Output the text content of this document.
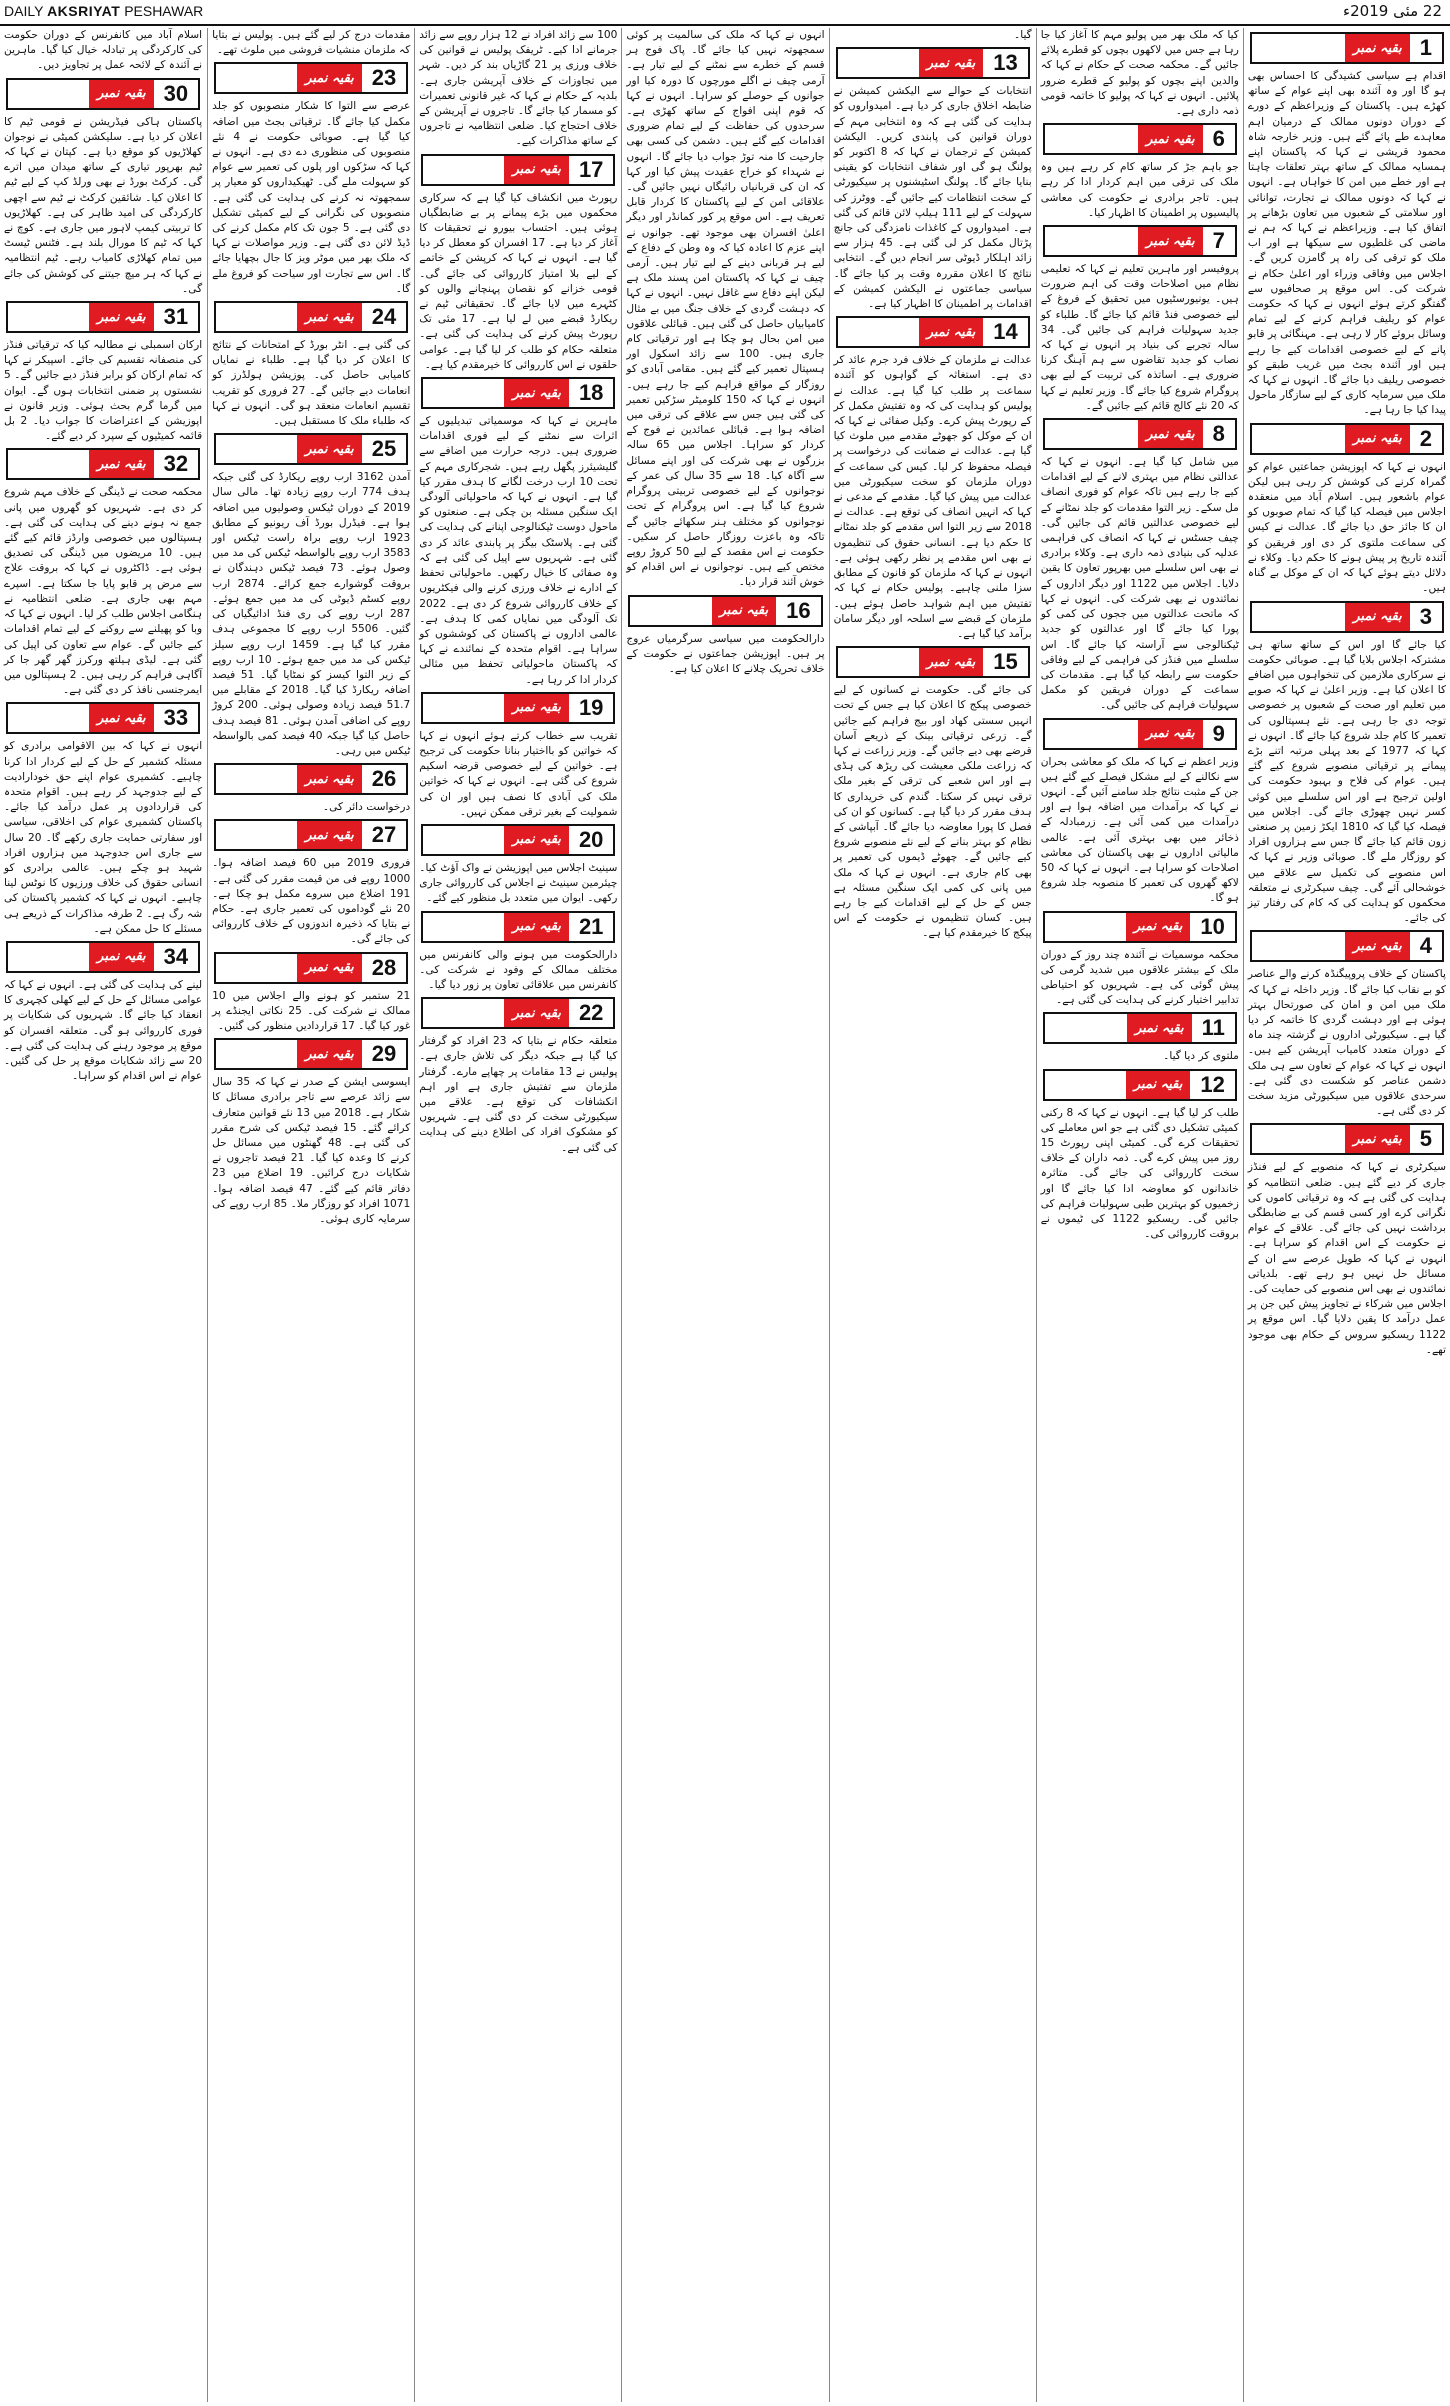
DAILY AKSRIYAT PESHAWAR	22 مئی 2019ء
1
بقیہ نمبر

اقدام ہے سیاسی کشیدگی کا احساس بھی ہو گا اور وہ آئندہ بھی اپنے عوام کے ساتھ کھڑے ہیں۔ پاکستان کے وزیراعظم کے دورے کے دوران دونوں ممالک کے درمیان اہم معاہدے طے پائے گئے ہیں۔ وزیر خارجہ شاہ محمود قریشی نے کہا کہ پاکستان اپنے ہمسایہ ممالک کے ساتھ بہتر تعلقات چاہتا ہے اور خطے میں امن کا خواہاں ہے۔ انہوں نے کہا کہ دونوں ممالک نے تجارت، توانائی اور سلامتی کے شعبوں میں تعاون بڑھانے پر اتفاق کیا ہے۔ وزیراعظم نے کہا کہ ہم نے ماضی کی غلطیوں سے سیکھا ہے اور اب ملک کو ترقی کی راہ پر گامزن کریں گے۔ اجلاس میں وفاقی وزراء اور اعلیٰ حکام نے شرکت کی۔ اس موقع پر صحافیوں سے گفتگو کرتے ہوئے انہوں نے کہا کہ حکومت عوام کو ریلیف فراہم کرنے کے لیے تمام وسائل بروئے کار لا رہی ہے۔ مہنگائی پر قابو پانے کے لیے خصوصی اقدامات کیے جا رہے ہیں اور آئندہ بجٹ میں غریب طبقے کو خصوصی ریلیف دیا جائے گا۔ انہوں نے کہا کہ ملک میں سرمایہ کاری کے لیے سازگار ماحول پیدا کیا جا رہا ہے۔

2
بقیہ نمبر

انہوں نے کہا کہ اپوزیشن جماعتیں عوام کو گمراہ کرنے کی کوشش کر رہی ہیں لیکن عوام باشعور ہیں۔ اسلام آباد میں منعقدہ اجلاس میں فیصلہ کیا گیا کہ تمام صوبوں کو ان کا جائز حق دیا جائے گا۔ عدالت نے کیس کی سماعت ملتوی کر دی اور فریقین کو آئندہ تاریخ پر پیش ہونے کا حکم دیا۔ وکلاء نے دلائل دیتے ہوئے کہا کہ ان کے موکل بے گناہ ہیں۔

3
بقیہ نمبر

کیا جائے گا اور اس کے ساتھ ساتھ ہی مشترکہ اجلاس بلایا گیا ہے۔ صوبائی حکومت نے سرکاری ملازمین کی تنخواہوں میں اضافے کا اعلان کیا ہے۔ وزیر اعلیٰ نے کہا کہ صوبے میں تعلیم اور صحت کے شعبوں پر خصوصی توجہ دی جا رہی ہے۔ نئے ہسپتالوں کی تعمیر کا کام جلد شروع کیا جائے گا۔ انہوں نے کہا کہ 1977 کے بعد پہلی مرتبہ اتنے بڑے پیمانے پر ترقیاتی منصوبے شروع کیے گئے ہیں۔ عوام کی فلاح و بہبود حکومت کی اولین ترجیح ہے اور اس سلسلے میں کوئی کسر نہیں چھوڑی جائے گی۔ اجلاس میں فیصلہ کیا گیا کہ 1810 ایکڑ زمین پر صنعتی زون قائم کیا جائے گا جس سے ہزاروں افراد کو روزگار ملے گا۔ صوبائی وزیر نے کہا کہ اس منصوبے کی تکمیل سے علاقے میں خوشحالی آئے گی۔ چیف سیکرٹری نے متعلقہ محکموں کو ہدایت کی کہ کام کی رفتار تیز کی جائے۔

4
بقیہ نمبر

پاکستان کے خلاف پروپیگنڈہ کرنے والے عناصر کو بے نقاب کیا جائے گا۔ وزیر داخلہ نے کہا کہ ملک میں امن و امان کی صورتحال بہتر ہوئی ہے اور دہشت گردی کا خاتمہ کر دیا گیا ہے۔ سیکیورٹی اداروں نے گزشتہ چند ماہ کے دوران متعدد کامیاب آپریشن کیے ہیں۔ انہوں نے کہا کہ عوام کے تعاون سے ہی ملک دشمن عناصر کو شکست دی گئی ہے۔ سرحدی علاقوں میں سیکیورٹی مزید سخت کر دی گئی ہے۔

5
بقیہ نمبر

سیکرٹری نے کہا کہ منصوبے کے لیے فنڈز جاری کر دیے گئے ہیں۔ ضلعی انتظامیہ کو ہدایت کی گئی ہے کہ وہ ترقیاتی کاموں کی نگرانی کرے اور کسی قسم کی بے ضابطگی برداشت نہیں کی جائے گی۔ علاقے کے عوام نے حکومت کے اس اقدام کو سراہا ہے۔ انہوں نے کہا کہ طویل عرصے سے ان کے مسائل حل نہیں ہو رہے تھے۔ بلدیاتی نمائندوں نے بھی اس منصوبے کی حمایت کی۔ اجلاس میں شرکاء نے تجاویز پیش کیں جن پر عمل درآمد کا یقین دلایا گیا۔ اس موقع پر 1122 ریسکیو سروس کے حکام بھی موجود تھے۔

کیا کہ ملک بھر میں پولیو مہم کا آغاز کیا جا رہا ہے جس میں لاکھوں بچوں کو قطرے پلائے جائیں گے۔ محکمہ صحت کے حکام نے کہا کہ والدین اپنے بچوں کو پولیو کے قطرے ضرور پلائیں۔ انہوں نے کہا کہ پولیو کا خاتمہ قومی ذمہ داری ہے۔

6
بقیہ نمبر

جو باہم جڑ کر ساتھ کام کر رہے ہیں وہ ملک کی ترقی میں اہم کردار ادا کر رہے ہیں۔ تاجر برادری نے حکومت کی معاشی پالیسیوں پر اطمینان کا اظہار کیا۔

7
بقیہ نمبر

پروفیسر اور ماہرین تعلیم نے کہا کہ تعلیمی نظام میں اصلاحات وقت کی اہم ضرورت ہیں۔ یونیورسٹیوں میں تحقیق کے فروغ کے لیے خصوصی فنڈ قائم کیا جائے گا۔ طلباء کو جدید سہولیات فراہم کی جائیں گی۔ 34 سالہ تجربے کی بنیاد پر انہوں نے کہا کہ نصاب کو جدید تقاضوں سے ہم آہنگ کرنا ضروری ہے۔ اساتذہ کی تربیت کے لیے بھی پروگرام شروع کیا جائے گا۔ وزیر تعلیم نے کہا کہ 20 نئے کالج قائم کیے جائیں گے۔

8
بقیہ نمبر

میں شامل کیا گیا ہے۔ انہوں نے کہا کہ عدالتی نظام میں بہتری لانے کے لیے اقدامات کیے جا رہے ہیں تاکہ عوام کو فوری انصاف مل سکے۔ زیر التوا مقدمات کو جلد نمٹانے کے لیے خصوصی عدالتیں قائم کی جائیں گی۔ چیف جسٹس نے کہا کہ انصاف کی فراہمی عدلیہ کی بنیادی ذمہ داری ہے۔ وکلاء برادری نے بھی اس سلسلے میں بھرپور تعاون کا یقین دلایا۔ اجلاس میں 1122 اور دیگر اداروں کے نمائندوں نے بھی شرکت کی۔ انہوں نے کہا کہ ماتحت عدالتوں میں ججوں کی کمی کو پورا کیا جائے گا اور عدالتوں کو جدید ٹیکنالوجی سے آراستہ کیا جائے گا۔ اس سلسلے میں فنڈز کی فراہمی کے لیے وفاقی حکومت سے رابطہ کیا گیا ہے۔ مقدمات کی سماعت کے دوران فریقین کو مکمل سہولیات فراہم کی جائیں گی۔

9
بقیہ نمبر

وزیر اعظم نے کہا کہ ملک کو معاشی بحران سے نکالنے کے لیے مشکل فیصلے کیے گئے ہیں جن کے مثبت نتائج جلد سامنے آئیں گے۔ انہوں نے کہا کہ برآمدات میں اضافہ ہوا ہے اور درآمدات میں کمی آئی ہے۔ زرمبادلہ کے ذخائر میں بھی بہتری آئی ہے۔ عالمی مالیاتی اداروں نے بھی پاکستان کی معاشی اصلاحات کو سراہا ہے۔ انہوں نے کہا کہ 50 لاکھ گھروں کی تعمیر کا منصوبہ جلد شروع ہو گا۔

10
بقیہ نمبر

محکمہ موسمیات نے آئندہ چند روز کے دوران ملک کے بیشتر علاقوں میں شدید گرمی کی پیش گوئی کی ہے۔ شہریوں کو احتیاطی تدابیر اختیار کرنے کی ہدایت کی گئی ہے۔

11
بقیہ نمبر

ملتوی کر دیا گیا۔

12
بقیہ نمبر

طلب کر لیا گیا ہے۔ انہوں نے کہا کہ 8 رکنی کمیٹی تشکیل دی گئی ہے جو اس معاملے کی تحقیقات کرے گی۔ کمیٹی اپنی رپورٹ 15 روز میں پیش کرے گی۔ ذمہ داران کے خلاف سخت کارروائی کی جائے گی۔ متاثرہ خاندانوں کو معاوضہ ادا کیا جائے گا اور زخمیوں کو بہترین طبی سہولیات فراہم کی جائیں گی۔ ریسکیو 1122 کی ٹیموں نے بروقت کارروائی کی۔

گیا۔

13
بقیہ نمبر

انتخابات کے حوالے سے الیکشن کمیشن نے ضابطہ اخلاق جاری کر دیا ہے۔ امیدواروں کو ہدایت کی گئی ہے کہ وہ انتخابی مہم کے دوران قوانین کی پابندی کریں۔ الیکشن کمیشن کے ترجمان نے کہا کہ 8 اکتوبر کو پولنگ ہو گی اور شفاف انتخابات کو یقینی بنایا جائے گا۔ پولنگ اسٹیشنوں پر سیکیورٹی کے سخت انتظامات کیے جائیں گے۔ ووٹرز کی سہولت کے لیے 111 ہیلپ لائن قائم کی گئی ہے۔ امیدواروں کے کاغذات نامزدگی کی جانچ پڑتال مکمل کر لی گئی ہے۔ 45 ہزار سے زائد اہلکار ڈیوٹی سر انجام دیں گے۔ انتخابی نتائج کا اعلان مقررہ وقت پر کیا جائے گا۔ سیاسی جماعتوں نے الیکشن کمیشن کے اقدامات پر اطمینان کا اظہار کیا ہے۔

14
بقیہ نمبر

عدالت نے ملزمان کے خلاف فرد جرم عائد کر دی ہے۔ استغاثہ کے گواہوں کو آئندہ سماعت پر طلب کیا گیا ہے۔ عدالت نے پولیس کو ہدایت کی کہ وہ تفتیش مکمل کر کے رپورٹ پیش کرے۔ وکیل صفائی نے کہا کہ ان کے موکل کو جھوٹے مقدمے میں ملوث کیا گیا ہے۔ عدالت نے ضمانت کی درخواست پر فیصلہ محفوظ کر لیا۔ کیس کی سماعت کے دوران ملزمان کو سخت سیکیورٹی میں عدالت میں پیش کیا گیا۔ مقدمے کے مدعی نے کہا کہ انہیں انصاف کی توقع ہے۔ عدالت نے 2018 سے زیر التوا اس مقدمے کو جلد نمٹانے کا حکم دیا ہے۔ انسانی حقوق کی تنظیموں نے بھی اس مقدمے پر نظر رکھی ہوئی ہے۔ انہوں نے کہا کہ ملزمان کو قانون کے مطابق سزا ملنی چاہیے۔ پولیس حکام نے کہا کہ تفتیش میں اہم شواہد حاصل ہوئے ہیں۔ ملزمان کے قبضے سے اسلحہ اور دیگر سامان برآمد کیا گیا ہے۔

15
بقیہ نمبر

کی جائے گی۔ حکومت نے کسانوں کے لیے خصوصی پیکج کا اعلان کیا ہے جس کے تحت انہیں سستی کھاد اور بیج فراہم کیے جائیں گے۔ زرعی ترقیاتی بینک کے ذریعے آسان قرضے بھی دیے جائیں گے۔ وزیر زراعت نے کہا کہ زراعت ملکی معیشت کی ریڑھ کی ہڈی ہے اور اس شعبے کی ترقی کے بغیر ملک ترقی نہیں کر سکتا۔ گندم کی خریداری کا ہدف مقرر کر دیا گیا ہے۔ کسانوں کو ان کی فصل کا پورا معاوضہ دیا جائے گا۔ آبپاشی کے نظام کو بہتر بنانے کے لیے نئے منصوبے شروع کیے جائیں گے۔ چھوٹے ڈیموں کی تعمیر پر بھی کام جاری ہے۔ انہوں نے کہا کہ ملک میں پانی کی کمی ایک سنگین مسئلہ ہے جس کے حل کے لیے اقدامات کیے جا رہے ہیں۔ کسان تنظیموں نے حکومت کے اس پیکج کا خیرمقدم کیا ہے۔

انہوں نے کہا کہ ملک کی سالمیت پر کوئی سمجھوتہ نہیں کیا جائے گا۔ پاک فوج ہر قسم کے خطرے سے نمٹنے کے لیے تیار ہے۔ آرمی چیف نے اگلے مورچوں کا دورہ کیا اور جوانوں کے حوصلے کو سراہا۔ انہوں نے کہا کہ قوم اپنی افواج کے ساتھ کھڑی ہے۔ سرحدوں کی حفاظت کے لیے تمام ضروری اقدامات کیے گئے ہیں۔ دشمن کی کسی بھی جارحیت کا منہ توڑ جواب دیا جائے گا۔ انہوں نے شہداء کو خراج عقیدت پیش کیا اور کہا کہ ان کی قربانیاں رائیگاں نہیں جائیں گی۔ علاقائی امن کے لیے پاکستان کا کردار قابل تعریف ہے۔ اس موقع پر کور کمانڈر اور دیگر اعلیٰ افسران بھی موجود تھے۔ جوانوں نے اپنے عزم کا اعادہ کیا کہ وہ وطن کے دفاع کے لیے ہر قربانی دینے کے لیے تیار ہیں۔ آرمی چیف نے کہا کہ پاکستان امن پسند ملک ہے لیکن اپنے دفاع سے غافل نہیں۔ انہوں نے کہا کہ دہشت گردی کے خلاف جنگ میں بے مثال کامیابیاں حاصل کی گئی ہیں۔ قبائلی علاقوں میں امن بحال ہو چکا ہے اور ترقیاتی کام جاری ہیں۔ 100 سے زائد اسکول اور ہسپتال تعمیر کیے گئے ہیں۔ مقامی آبادی کو روزگار کے مواقع فراہم کیے جا رہے ہیں۔ انہوں نے کہا کہ 150 کلومیٹر سڑکیں تعمیر کی گئی ہیں جس سے علاقے کی ترقی میں اضافہ ہوا ہے۔ قبائلی عمائدین نے فوج کے کردار کو سراہا۔ اجلاس میں 65 سالہ بزرگوں نے بھی شرکت کی اور اپنے مسائل سے آگاہ کیا۔ 18 سے 35 سال کی عمر کے نوجوانوں کے لیے خصوصی تربیتی پروگرام شروع کیا گیا ہے۔ اس پروگرام کے تحت نوجوانوں کو مختلف ہنر سکھائے جائیں گے تاکہ وہ باعزت روزگار حاصل کر سکیں۔ حکومت نے اس مقصد کے لیے 50 کروڑ روپے مختص کیے ہیں۔ نوجوانوں نے اس اقدام کو خوش آئند قرار دیا۔

16
بقیہ نمبر

دارالحکومت میں سیاسی سرگرمیاں عروج پر ہیں۔ اپوزیشن جماعتوں نے حکومت کے خلاف تحریک چلانے کا اعلان کیا ہے۔

100 سے زائد افراد نے 12 ہزار روپے سے زائد جرمانے ادا کیے۔ ٹریفک پولیس نے قوانین کی خلاف ورزی پر 21 گاڑیاں بند کر دیں۔ شہر میں تجاوزات کے خلاف آپریشن جاری ہے۔ بلدیہ کے حکام نے کہا کہ غیر قانونی تعمیرات کو مسمار کیا جائے گا۔ تاجروں نے آپریشن کے خلاف احتجاج کیا۔ ضلعی انتظامیہ نے تاجروں کے ساتھ مذاکرات کیے۔

17
بقیہ نمبر

رپورٹ میں انکشاف کیا گیا ہے کہ سرکاری محکموں میں بڑے پیمانے پر بے ضابطگیاں ہوئی ہیں۔ احتساب بیورو نے تحقیقات کا آغاز کر دیا ہے۔ 17 افسران کو معطل کر دیا گیا ہے۔ انہوں نے کہا کہ کرپشن کے خاتمے کے لیے بلا امتیاز کارروائی کی جائے گی۔ قومی خزانے کو نقصان پہنچانے والوں کو کٹہرے میں لایا جائے گا۔ تحقیقاتی ٹیم نے ریکارڈ قبضے میں لے لیا ہے۔ 17 مئی تک رپورٹ پیش کرنے کی ہدایت کی گئی ہے۔ متعلقہ حکام کو طلب کر لیا گیا ہے۔ عوامی حلقوں نے اس کارروائی کا خیرمقدم کیا ہے۔

18
بقیہ نمبر

ماہرین نے کہا کہ موسمیاتی تبدیلیوں کے اثرات سے نمٹنے کے لیے فوری اقدامات ضروری ہیں۔ درجہ حرارت میں اضافے سے گلیشیئرز پگھل رہے ہیں۔ شجرکاری مہم کے تحت 10 ارب درخت لگانے کا ہدف مقرر کیا گیا ہے۔ انہوں نے کہا کہ ماحولیاتی آلودگی ایک سنگین مسئلہ بن چکی ہے۔ صنعتوں کو ماحول دوست ٹیکنالوجی اپنانے کی ہدایت کی گئی ہے۔ پلاسٹک بیگز پر پابندی عائد کر دی گئی ہے۔ شہریوں سے اپیل کی گئی ہے کہ وہ صفائی کا خیال رکھیں۔ ماحولیاتی تحفظ کے ادارے نے خلاف ورزی کرنے والی فیکٹریوں کے خلاف کارروائی شروع کر دی ہے۔ 2022 تک آلودگی میں نمایاں کمی کا ہدف ہے۔ عالمی اداروں نے پاکستان کی کوششوں کو سراہا ہے۔ اقوام متحدہ کے نمائندے نے کہا کہ پاکستان ماحولیاتی تحفظ میں مثالی کردار ادا کر رہا ہے۔

19
بقیہ نمبر

تقریب سے خطاب کرتے ہوئے انہوں نے کہا کہ خواتین کو بااختیار بنانا حکومت کی ترجیح ہے۔ خواتین کے لیے خصوصی قرضہ اسکیم شروع کی گئی ہے۔ انہوں نے کہا کہ خواتین ملک کی آبادی کا نصف ہیں اور ان کی شمولیت کے بغیر ترقی ممکن نہیں۔

20
بقیہ نمبر

سینیٹ اجلاس میں اپوزیشن نے واک آؤٹ کیا۔ چیئرمین سینیٹ نے اجلاس کی کارروائی جاری رکھی۔ ایوان میں متعدد بل منظور کیے گئے۔

21
بقیہ نمبر

دارالحکومت میں ہونے والی کانفرنس میں مختلف ممالک کے وفود نے شرکت کی۔ کانفرنس میں علاقائی تعاون پر زور دیا گیا۔

22
بقیہ نمبر

متعلقہ حکام نے بتایا کہ 23 افراد کو گرفتار کیا گیا ہے جبکہ دیگر کی تلاش جاری ہے۔ پولیس نے 13 مقامات پر چھاپے مارے۔ گرفتار ملزمان سے تفتیش جاری ہے اور اہم انکشافات کی توقع ہے۔ علاقے میں سیکیورٹی سخت کر دی گئی ہے۔ شہریوں کو مشکوک افراد کی اطلاع دینے کی ہدایت کی گئی ہے۔

مقدمات درج کر لیے گئے ہیں۔ پولیس نے بتایا کہ ملزمان منشیات فروشی میں ملوث تھے۔

23
بقیہ نمبر

عرصے سے التوا کا شکار منصوبوں کو جلد مکمل کیا جائے گا۔ ترقیاتی بجٹ میں اضافہ کیا گیا ہے۔ صوبائی حکومت نے 4 نئے منصوبوں کی منظوری دے دی ہے۔ انہوں نے کہا کہ سڑکوں اور پلوں کی تعمیر سے عوام کو سہولت ملے گی۔ ٹھیکیداروں کو معیار پر سمجھوتہ نہ کرنے کی ہدایت کی گئی ہے۔ منصوبوں کی نگرانی کے لیے کمیٹی تشکیل دی گئی ہے۔ 5 جون تک کام مکمل کرنے کی ڈیڈ لائن دی گئی ہے۔ وزیر مواصلات نے کہا کہ ملک بھر میں موٹر ویز کا جال بچھایا جائے گا۔ اس سے تجارت اور سیاحت کو فروغ ملے گا۔

24
بقیہ نمبر

کی گئی ہے۔ انٹر بورڈ کے امتحانات کے نتائج کا اعلان کر دیا گیا ہے۔ طلباء نے نمایاں کامیابی حاصل کی۔ پوزیشن ہولڈرز کو انعامات دیے جائیں گے۔ 27 فروری کو تقریب تقسیم انعامات منعقد ہو گی۔ انہوں نے کہا کہ طلباء ملک کا مستقبل ہیں۔

25
بقیہ نمبر

آمدن 3162 ارب روپے ریکارڈ کی گئی جبکہ ہدف 774 ارب روپے زیادہ تھا۔ مالی سال 2019 کے دوران ٹیکس وصولیوں میں اضافہ ہوا ہے۔ فیڈرل بورڈ آف ریونیو کے مطابق 1923 ارب روپے براہ راست ٹیکس اور 3583 ارب روپے بالواسطہ ٹیکس کی مد میں وصول ہوئے۔ 73 فیصد ٹیکس دہندگان نے بروقت گوشوارے جمع کرائے۔ 2874 ارب روپے کسٹم ڈیوٹی کی مد میں جمع ہوئے۔ 287 ارب روپے کی ری فنڈ ادائیگیاں کی گئیں۔ 5506 ارب روپے کا مجموعی ہدف مقرر کیا گیا ہے۔ 1459 ارب روپے سیلز ٹیکس کی مد میں جمع ہوئے۔ 10 ارب روپے کے زیر التوا کیسز کو نمٹایا گیا۔ 51 فیصد اضافہ ریکارڈ کیا گیا۔ 2018 کے مقابلے میں 51.7 فیصد زیادہ وصولی ہوئی۔ 200 کروڑ روپے کی اضافی آمدن ہوئی۔ 81 فیصد ہدف حاصل کیا گیا جبکہ 40 فیصد کمی بالواسطہ ٹیکس میں رہی۔

26
بقیہ نمبر

درخواست دائر کی۔

27
بقیہ نمبر

فروری 2019 میں 60 فیصد اضافہ ہوا۔ 1000 روپے فی من قیمت مقرر کی گئی ہے۔ 191 اضلاع میں سروے مکمل ہو چکا ہے۔ 20 نئے گوداموں کی تعمیر جاری ہے۔ حکام نے بتایا کہ ذخیرہ اندوزوں کے خلاف کارروائی کی جائے گی۔

28
بقیہ نمبر

21 ستمبر کو ہونے والے اجلاس میں 10 ممالک نے شرکت کی۔ 25 نکاتی ایجنڈے پر غور کیا گیا۔ 17 قراردادیں منظور کی گئیں۔

29
بقیہ نمبر

ایسوسی ایشن کے صدر نے کہا کہ 35 سال سے زائد عرصے سے تاجر برادری مسائل کا شکار ہے۔ 2018 میں 13 نئے قوانین متعارف کرائے گئے۔ 15 فیصد ٹیکس کی شرح مقرر کی گئی ہے۔ 48 گھنٹوں میں مسائل حل کرنے کا وعدہ کیا گیا۔ 21 فیصد تاجروں نے شکایات درج کرائیں۔ 19 اضلاع میں 23 دفاتر قائم کیے گئے۔ 47 فیصد اضافہ ہوا۔ 1071 افراد کو روزگار ملا۔ 85 ارب روپے کی سرمایہ کاری ہوئی۔

اسلام آباد میں کانفرنس کے دوران حکومت کی کارکردگی پر تبادلہ خیال کیا گیا۔ ماہرین نے آئندہ کے لائحہ عمل پر تجاویز دیں۔

30
بقیہ نمبر

پاکستان ہاکی فیڈریشن نے قومی ٹیم کا اعلان کر دیا ہے۔ سلیکشن کمیٹی نے نوجوان کھلاڑیوں کو موقع دیا ہے۔ کپتان نے کہا کہ ٹیم بھرپور تیاری کے ساتھ میدان میں اترے گی۔ کرکٹ بورڈ نے بھی ورلڈ کپ کے لیے ٹیم کا اعلان کیا۔ شائقین کرکٹ نے ٹیم سے اچھی کارکردگی کی امید ظاہر کی ہے۔ کھلاڑیوں کا تربیتی کیمپ لاہور میں جاری ہے۔ کوچ نے کہا کہ ٹیم کا مورال بلند ہے۔ فٹنس ٹیسٹ میں تمام کھلاڑی کامیاب رہے۔ ٹیم انتظامیہ نے کہا کہ ہر میچ جیتنے کی کوشش کی جائے گی۔

31
بقیہ نمبر

ارکان اسمبلی نے مطالبہ کیا کہ ترقیاتی فنڈز کی منصفانہ تقسیم کی جائے۔ اسپیکر نے کہا کہ تمام ارکان کو برابر فنڈز دیے جائیں گے۔ 5 نشستوں پر ضمنی انتخابات ہوں گے۔ ایوان میں گرما گرم بحث ہوئی۔ وزیر قانون نے اپوزیشن کے اعتراضات کا جواب دیا۔ 2 بل قائمہ کمیٹیوں کے سپرد کر دیے گئے۔

32
بقیہ نمبر

محکمہ صحت نے ڈینگی کے خلاف مہم شروع کر دی ہے۔ شہریوں کو گھروں میں پانی جمع نہ ہونے دینے کی ہدایت کی گئی ہے۔ ہسپتالوں میں خصوصی وارڈز قائم کیے گئے ہیں۔ 10 مریضوں میں ڈینگی کی تصدیق ہوئی ہے۔ ڈاکٹروں نے کہا کہ بروقت علاج سے مرض پر قابو پایا جا سکتا ہے۔ اسپرے مہم بھی جاری ہے۔ ضلعی انتظامیہ نے ہنگامی اجلاس طلب کر لیا۔ انہوں نے کہا کہ وبا کو پھیلنے سے روکنے کے لیے تمام اقدامات کیے جائیں گے۔ عوام سے تعاون کی اپیل کی گئی ہے۔ لیڈی ہیلتھ ورکرز گھر گھر جا کر آگاہی فراہم کر رہی ہیں۔ 2 ہسپتالوں میں ایمرجنسی نافذ کر دی گئی ہے۔

33
بقیہ نمبر

انہوں نے کہا کہ بین الاقوامی برادری کو مسئلہ کشمیر کے حل کے لیے کردار ادا کرنا چاہیے۔ کشمیری عوام اپنے حق خودارادیت کے لیے جدوجہد کر رہے ہیں۔ اقوام متحدہ کی قراردادوں پر عمل درآمد کیا جائے۔ پاکستان کشمیری عوام کی اخلاقی، سیاسی اور سفارتی حمایت جاری رکھے گا۔ 20 سال سے جاری اس جدوجہد میں ہزاروں افراد شہید ہو چکے ہیں۔ عالمی برادری کو انسانی حقوق کی خلاف ورزیوں کا نوٹس لینا چاہیے۔ انہوں نے کہا کہ کشمیر پاکستان کی شہ رگ ہے۔ 2 طرفہ مذاکرات کے ذریعے ہی مسئلے کا حل ممکن ہے۔

34
بقیہ نمبر

لینے کی ہدایت کی گئی ہے۔ انہوں نے کہا کہ عوامی مسائل کے حل کے لیے کھلی کچہری کا انعقاد کیا جائے گا۔ شہریوں کی شکایات پر فوری کارروائی ہو گی۔ متعلقہ افسران کو موقع پر موجود رہنے کی ہدایت کی گئی ہے۔ 20 سے زائد شکایات موقع پر حل کی گئیں۔ عوام نے اس اقدام کو سراہا۔
